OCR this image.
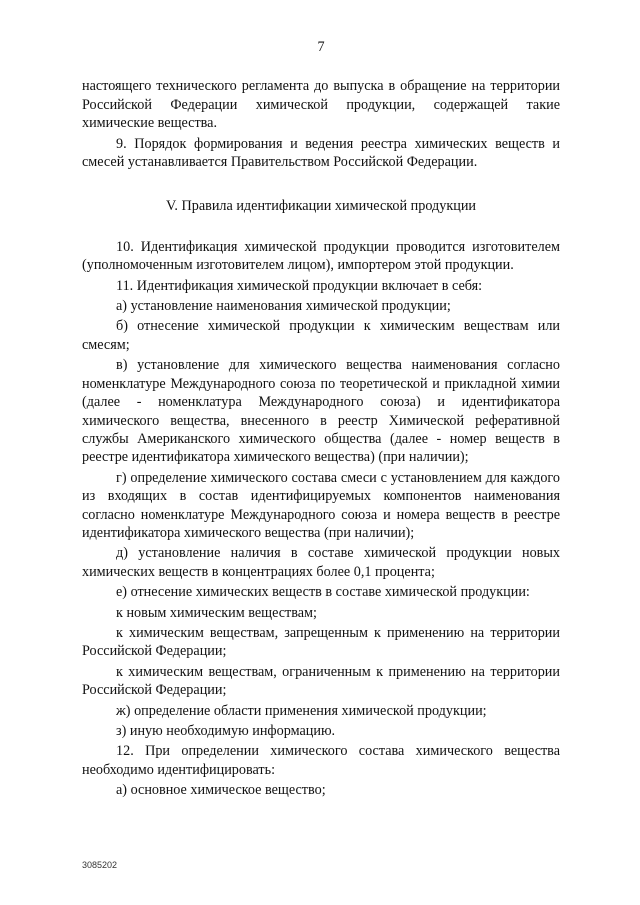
7
настоящего технического регламента до выпуска в обращение на территории Российской Федерации химической продукции, содержащей такие химические вещества.
9. Порядок формирования и ведения реестра химических веществ и смесей устанавливается Правительством Российской Федерации.
V. Правила идентификации химической продукции
10. Идентификация химической продукции проводится изготовителем (уполномоченным изготовителем лицом), импортером этой продукции.
11. Идентификация химической продукции включает в себя:
а) установление наименования химической продукции;
б) отнесение химической продукции к химическим веществам или смесям;
в) установление для химического вещества наименования согласно номенклатуре Международного союза по теоретической и прикладной химии (далее - номенклатура Международного союза) и идентификатора химического вещества, внесенного в реестр Химической реферативной службы Американского химического общества (далее - номер веществ в реестре идентификатора химического вещества) (при наличии);
г) определение химического состава смеси с установлением для каждого из входящих в состав идентифицируемых компонентов наименования согласно номенклатуре Международного союза и номера веществ в реестре идентификатора химического вещества (при наличии);
д) установление наличия в составе химической продукции новых химических веществ в концентрациях более 0,1 процента;
е) отнесение химических веществ в составе химической продукции:
к новым химическим веществам;
к химическим веществам, запрещенным к применению на территории Российской Федерации;
к химическим веществам, ограниченным к применению на территории Российской Федерации;
ж) определение области применения химической продукции;
з) иную необходимую информацию.
12. При определении химического состава химического вещества необходимо идентифицировать:
а) основное химическое вещество;
3085202
